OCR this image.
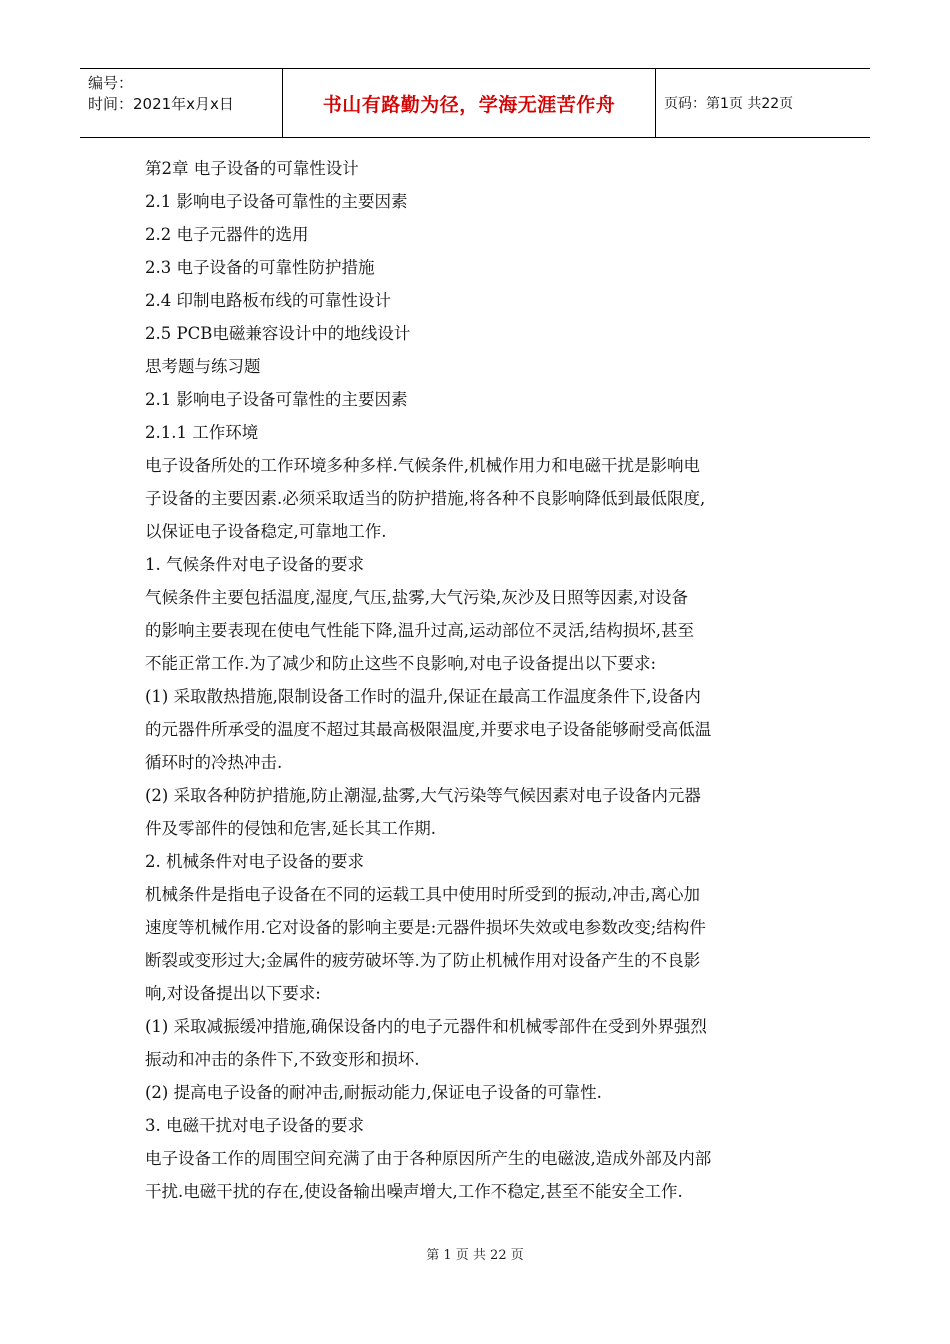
编号：
时间：2021年x月x日	书山有路勤为径，学海无涯苦作舟	页码：第1页 共22页
第2章 电子设备的可靠性设计
2.1 影响电子设备可靠性的主要因素
2.2 电子元器件的选用
2.3 电子设备的可靠性防护措施
2.4 印制电路板布线的可靠性设计
2.5 PCB电磁兼容设计中的地线设计
思考题与练习题
2.1 影响电子设备可靠性的主要因素
2.1.1 工作环境
电子设备所处的工作环境多种多样.气候条件,机械作用力和电磁干扰是影响电
子设备的主要因素.必须采取适当的防护措施,将各种不良影响降低到最低限度,
以保证电子设备稳定,可靠地工作.
1. 气候条件对电子设备的要求
气候条件主要包括温度,湿度,气压,盐雾,大气污染,灰沙及日照等因素,对设备
的影响主要表现在使电气性能下降,温升过高,运动部位不灵活,结构损坏,甚至
不能正常工作.为了减少和防止这些不良影响,对电子设备提出以下要求:
(1) 采取散热措施,限制设备工作时的温升,保证在最高工作温度条件下,设备内
的元器件所承受的温度不超过其最高极限温度,并要求电子设备能够耐受高低温
循环时的冷热冲击.
(2) 采取各种防护措施,防止潮湿,盐雾,大气污染等气候因素对电子设备内元器
件及零部件的侵蚀和危害,延长其工作期.
2. 机械条件对电子设备的要求
机械条件是指电子设备在不同的运载工具中使用时所受到的振动,冲击,离心加
速度等机械作用.它对设备的影响主要是:元器件损坏失效或电参数改变;结构件
断裂或变形过大;金属件的疲劳破坏等.为了防止机械作用对设备产生的不良影
响,对设备提出以下要求:
(1) 采取减振缓冲措施,确保设备内的电子元器件和机械零部件在受到外界强烈
振动和冲击的条件下,不致变形和损坏.
(2) 提高电子设备的耐冲击,耐振动能力,保证电子设备的可靠性.
3. 电磁干扰对电子设备的要求
电子设备工作的周围空间充满了由于各种原因所产生的电磁波,造成外部及内部
干扰.电磁干扰的存在,使设备输出噪声增大,工作不稳定,甚至不能安全工作.
第 1 页 共 22 页
